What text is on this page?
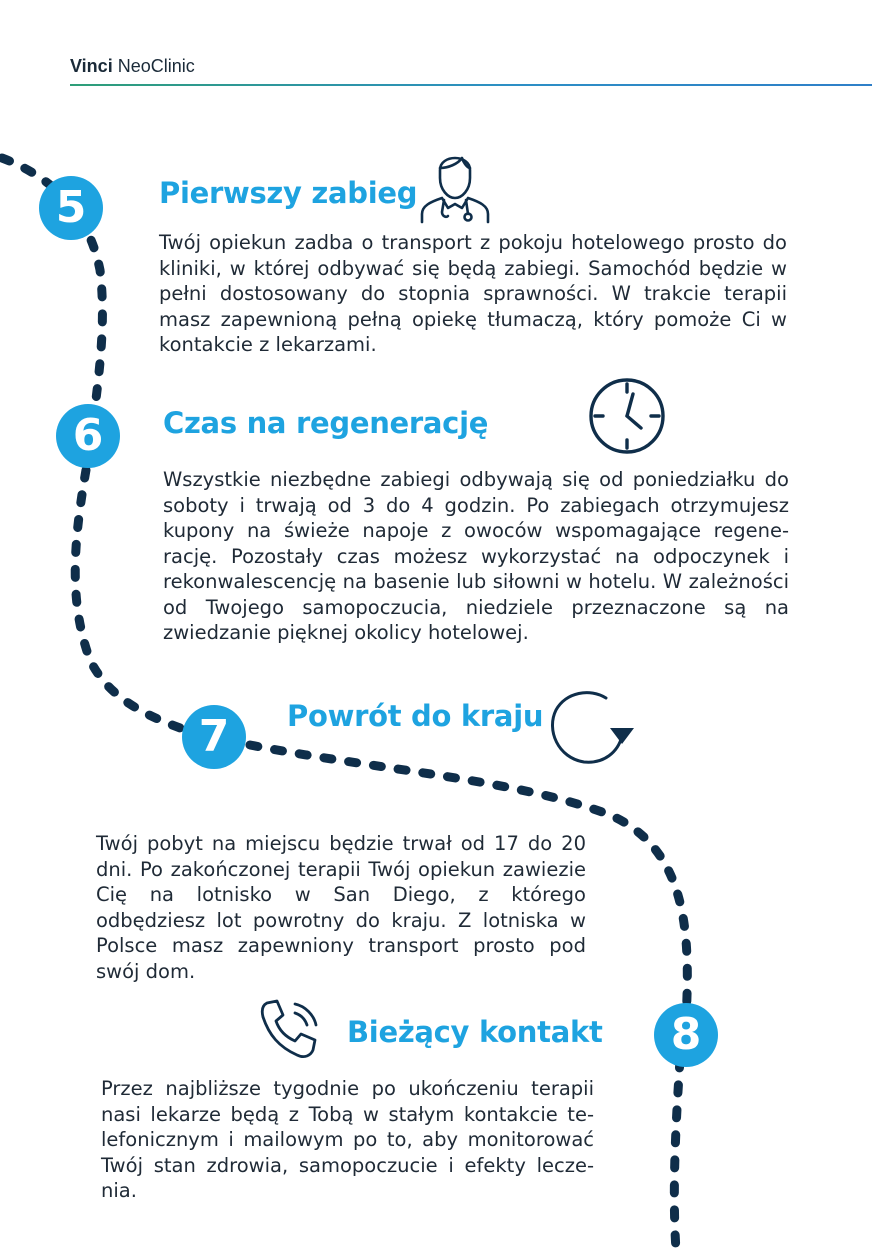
Vinci NeoClinic
5	Pierwszy zabieg
Twój opiekun zadba o transport z pokoju hotelowego prosto do kliniki, w której odbywać się będą zabiegi. Samochód będzie w pełni dostosowany do stopnia sprawności. W trakcie terapii masz zapewnioną pełną opiekę tłumaczą, który pomoże Ci w kontakcie z lekarzami.
6	Czas na regenerację
Wszystkie niezbędne zabiegi odbywają się od poniedziałku do soboty i trwają od 3 do 4 godzin. Po zabiegach otrzymujesz kupony na świeże napoje z owoców wspomagające regenerację. Pozostały czas możesz wykorzystać na odpoczynek i rekonwalescencję na basenie lub siłowni w hotelu. W zależności od Twojego samopoczucia, niedziele przeznaczone są na zwiedzanie pięknej okolicy hotelowej.
7	Powrót do kraju
Twój pobyt na miejscu będzie trwał od 17 do 20 dni. Po zakończonej terapii Twój opiekun zawiezie Cię na lotnisko w San Diego, z którego odbędziesz lot powrotny do kraju. Z lotniska w Polsce masz zapewniony transport prosto pod swój dom.
Bieżący kontakt	8
Przez najbliższe tygodnie po ukończeniu terapii nasi lekarze będą z Tobą w stałym kontakcie telefonicznym i mailowym po to, aby monitorować Twój stan zdrowia, samopoczucie i efekty leczenia.
